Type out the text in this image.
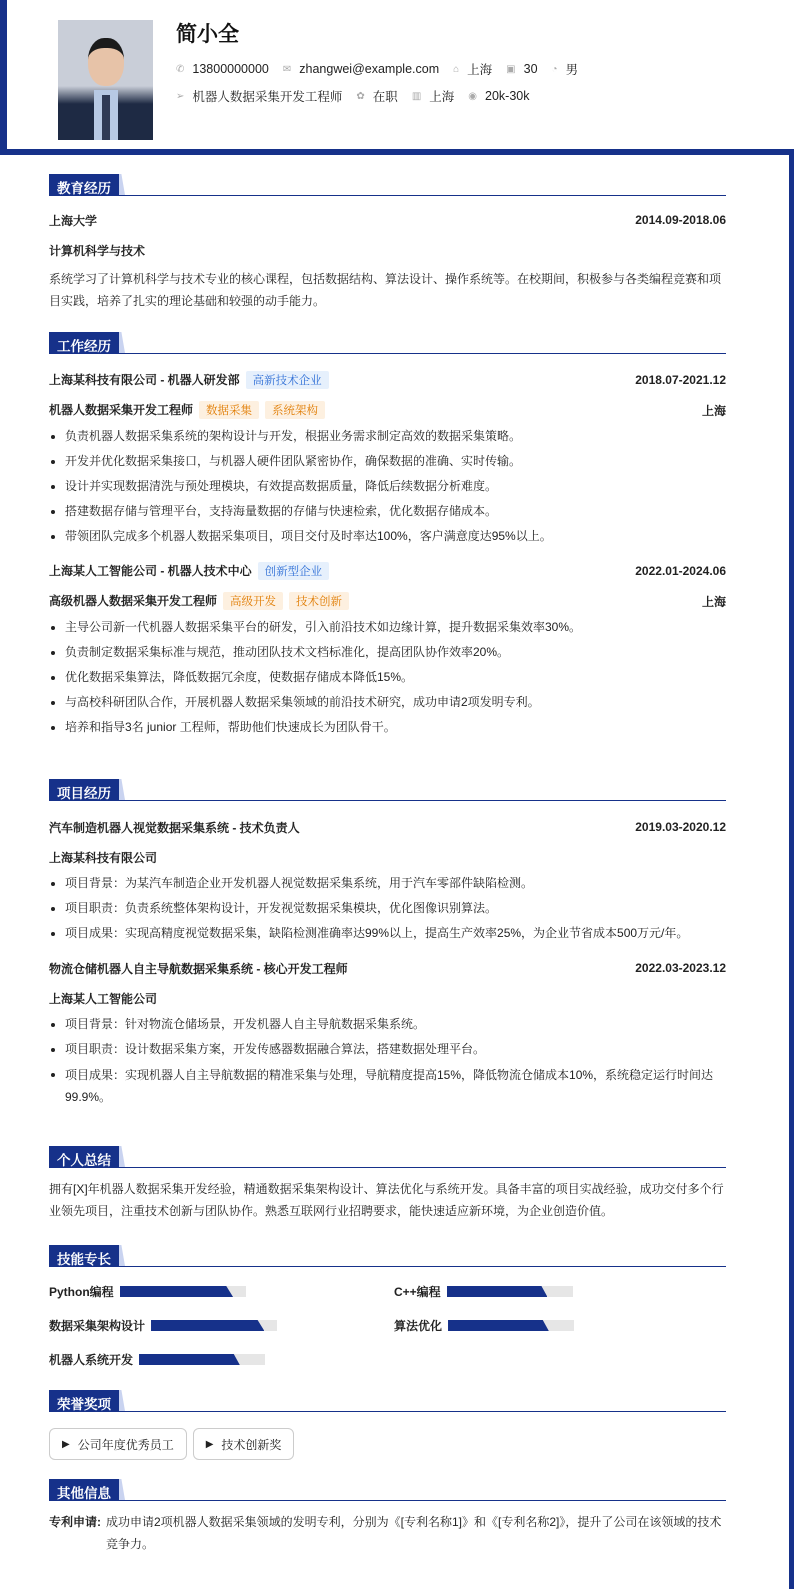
简小全
✆ 13800000000 ✉ zhangwei@example.com ⌂ 上海 ▣ 30 ◔ 男
➢ 机器人数据采集开发工程师 ✿ 在职 ▥ 上海 ◉ 20k-30k
教育经历
上海大学	2014.09-2018.06
计算机科学与技术
系统学习了计算机科学与技术专业的核心课程，包括数据结构、算法设计、操作系统等。在校期间，积极参与各类编程竞赛和项目实践，培养了扎实的理论基础和较强的动手能力。
工作经历
上海某科技有限公司 - 机器人研发部 高新技术企业	2018.07-2021.12
机器人数据采集开发工程师 数据采集 系统架构	上海
负责机器人数据采集系统的架构设计与开发，根据业务需求制定高效的数据采集策略。
开发并优化数据采集接口，与机器人硬件团队紧密协作，确保数据的准确、实时传输。
设计并实现数据清洗与预处理模块，有效提高数据质量，降低后续数据分析难度。
搭建数据存储与管理平台，支持海量数据的存储与快速检索，优化数据存储成本。
带领团队完成多个机器人数据采集项目，项目交付及时率达100%，客户满意度达95%以上。
上海某人工智能公司 - 机器人技术中心 创新型企业	2022.01-2024.06
高级机器人数据采集开发工程师 高级开发 技术创新	上海
主导公司新一代机器人数据采集平台的研发，引入前沿技术如边缘计算，提升数据采集效率30%。
负责制定数据采集标准与规范，推动团队技术文档标准化，提高团队协作效率20%。
优化数据采集算法，降低数据冗余度，使数据存储成本降低15%。
与高校科研团队合作，开展机器人数据采集领域的前沿技术研究，成功申请2项发明专利。
培养和指导3名 junior 工程师，帮助他们快速成长为团队骨干。
项目经历
汽车制造机器人视觉数据采集系统 - 技术负责人	2019.03-2020.12
上海某科技有限公司
项目背景：为某汽车制造企业开发机器人视觉数据采集系统，用于汽车零部件缺陷检测。
项目职责：负责系统整体架构设计，开发视觉数据采集模块，优化图像识别算法。
项目成果：实现高精度视觉数据采集，缺陷检测准确率达99%以上，提高生产效率25%，为企业节省成本500万元/年。
物流仓储机器人自主导航数据采集系统 - 核心开发工程师	2022.03-2023.12
上海某人工智能公司
项目背景：针对物流仓储场景，开发机器人自主导航数据采集系统。
项目职责：设计数据采集方案，开发传感器数据融合算法，搭建数据处理平台。
项目成果：实现机器人自主导航数据的精准采集与处理，导航精度提高15%，降低物流仓储成本10%，系统稳定运行时间达99.9%。
个人总结
拥有[X]年机器人数据采集开发经验，精通数据采集架构设计、算法优化与系统开发。具备丰富的项目实战经验，成功交付多个行业领先项目，注重技术创新与团队协作。熟悉互联网行业招聘要求，能快速适应新环境，为企业创造价值。
技能专长
Python编程	C++编程
数据采集架构设计	算法优化
机器人系统开发
荣誉奖项
▶ 公司年度优秀员工	▶ 技术创新奖
其他信息
专利申请: 成功申请2项机器人数据采集领域的发明专利，分别为《[专利名称1]》和《[专利名称2]》，提升了公司在该领域的技术竞争力。
